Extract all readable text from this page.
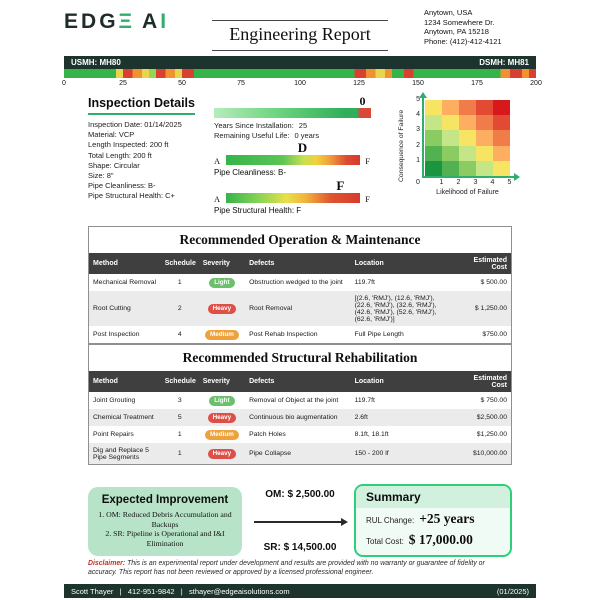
EDGΞ AI
Engineering Report
Anytown, USA
1234 Somewhere Dr.
Anytown, PA 15218
Phone: (412)-412-4121
USMH: MH80	DSMH: MH81
0	25	50	75	100	125	150	175	200
Inspection Details
Inspection Date: 01/14/2025
Material: VCP
Length Inspected: 200 ft
Total Length: 200 ft
Shape: Circular
Size: 8"
Pipe Cleanliness: B-
Pipe Structural Health: C+
0
Years Since Installation: 25
Remaining Useful Life: 0 years
D
A	F
Pipe Cleanliness: B-
F
A	F
Pipe Structural Health: F
Consequence of Failure
5
4
3
2
1
0	1 2 3 4 5
Likelihood of Failure
Recommended Operation & Maintenance
Method	Schedule	Severity	Defects	Location	Estimated Cost
Mechanical Removal	1	Light	Obstruction wedged to the joint	119.7ft	$ 500.00
Root Cutting	2	Heavy	Root Removal	[(2.6, 'RMJ'), (12.6, 'RMJ'), (22.6, 'RMJ'), (32.6, 'RMJ'), (42.6, 'RMJ'), (52.6, 'RMJ'), (62.6, 'RMJ')]	$ 1,250.00
Post Inspection	4	Medium	Post Rehab Inspection	Full Pipe Length	$750.00
Recommended Structural Rehabilitation
Method	Schedule	Severity	Defects	Location	Estimated Cost
Joint Grouting	3	Light	Removal of Object at the joint	119.7ft	$ 750.00
Chemical Treatment	5	Heavy	Continuous bio augmentation	2.6ft	$2,500.00
Point Repairs	1	Medium	Patch Holes	8.1ft, 18.1ft	$1,250.00
Dig and Replace 5 Pipe Segments	1	Heavy	Pipe Collapse	150 - 200 lf	$10,000.00
Expected Improvement
1. OM: Reduced Debris Accumulation and Backups
2. SR: Pipeline is Operational and I&I Elimination
OM: $ 2,500.00
SR: $ 14,500.00
Summary
RUL Change: +25 years
Total Cost: $ 17,000.00
Disclaimer: This is an experimental report under development and results are provided with no warranty or guarantee of fidelity or accuracy. This report has not been reviewed or approved by a licensed professional engineer.
Scott Thayer   |   412-951-9842   |   sthayer@edgeaisolutions.com	(01/2025)
